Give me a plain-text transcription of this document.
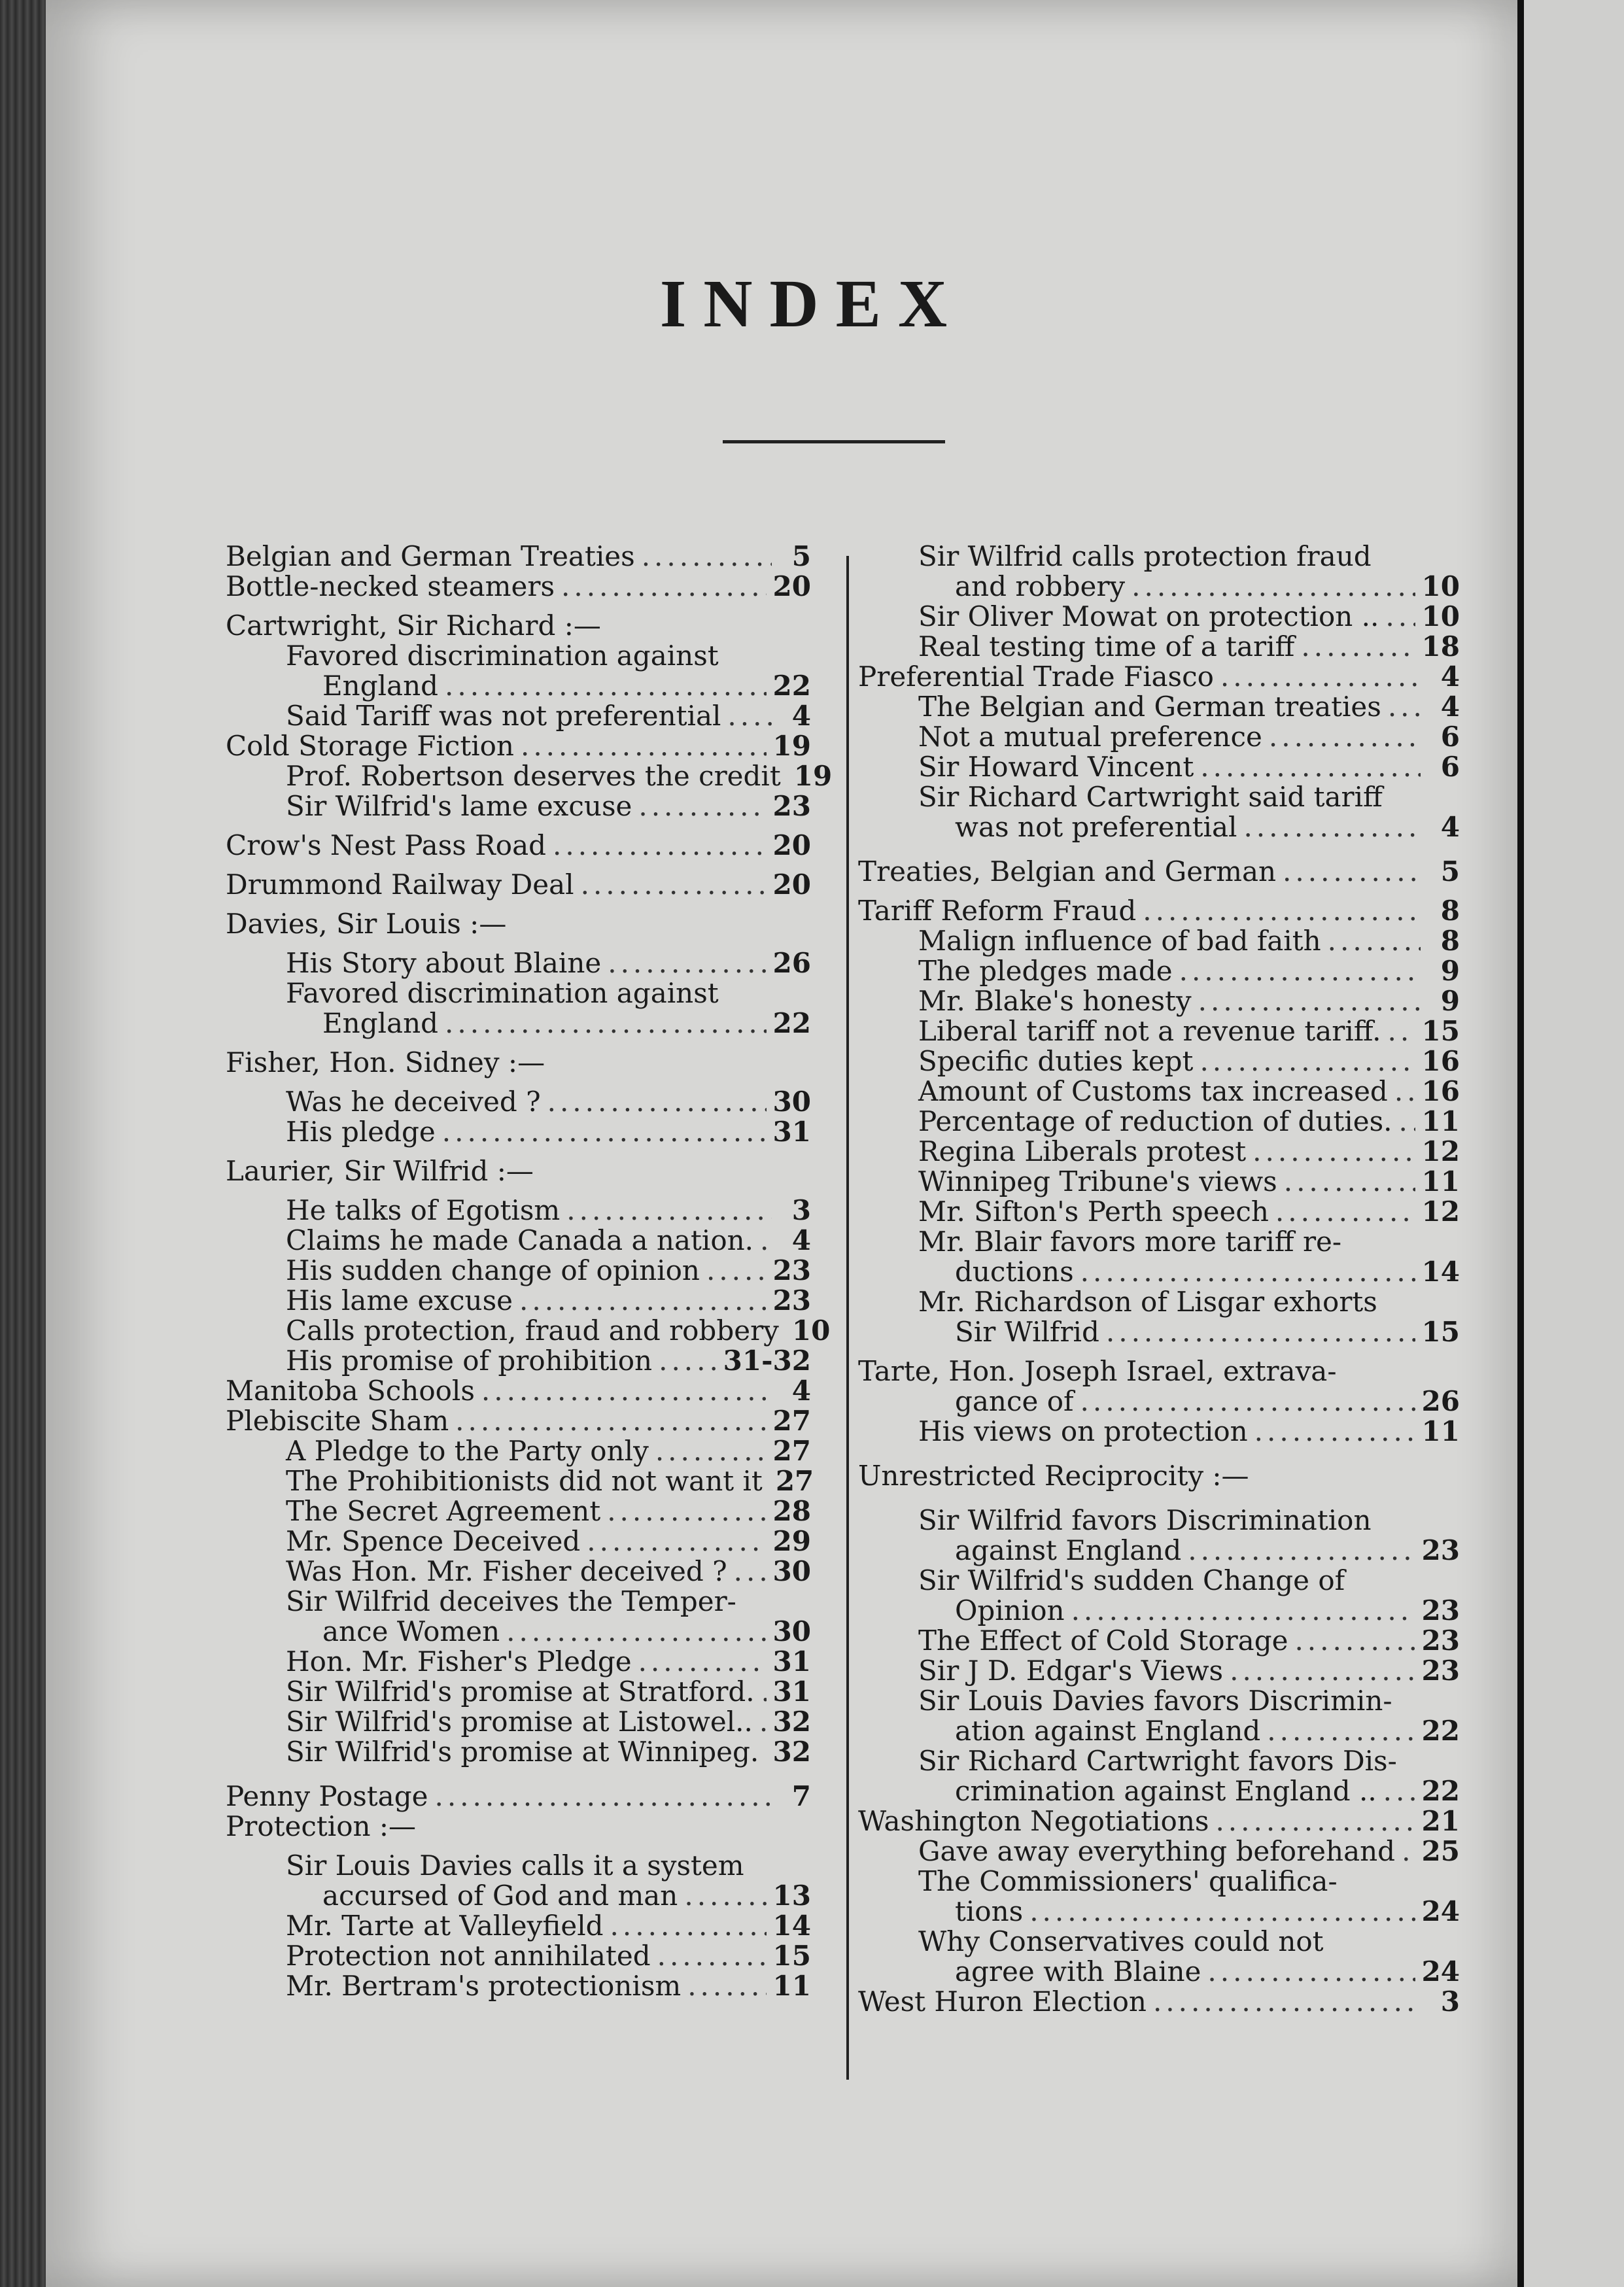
INDEX
Belgian and German Treaties .....	5
Bottle-necked steamers .....	20
Cartwright, Sir Richard :—
Favored discrimination against
England .....	22
Said Tariff was not preferential .....	4
Cold Storage Fiction .....	19
Prof. Robertson deserves the credit 19
Sir Wilfrid's lame excuse .....	23
Crow's Nest Pass Road .....	20
Drummond Railway Deal .....	20
Davies, Sir Louis :—
His Story about Blaine .....	26
Favored discrimination against
England .....	22
Fisher, Hon. Sidney :—
Was he deceived ? .....	30
His pledge .....	31
Laurier, Sir Wilfrid :—
He talks of Egotism .....	3
Claims he made Canada a nation. .....	4
His sudden change of opinion .....	23
His lame excuse .....	23
Calls protection, fraud and robbery 10
His promise of prohibition .....	31-32
Manitoba Schools .....	4
Plebiscite Sham .....	27
A Pledge to the Party only .....	27
The Prohibitionists did not want it 27
The Secret Agreement .....	28
Mr. Spence Deceived .....	29
Was Hon. Mr. Fisher deceived ? ..... 30
Sir Wilfrid deceives the Temper-
ance Women .....	30
Hon. Mr. Fisher's Pledge .....	31
Sir Wilfrid's promise at Stratford. ..... 31
Sir Wilfrid's promise at Listowel.. ..... 32
Sir Wilfrid's promise at Winnipeg. ..... 32
Penny Postage .....	7
Protection :—
Sir Louis Davies calls it a system
accursed of God and man .....	13
Mr. Tarte at Valleyfield .....	14
Protection not annihilated .....	15
Mr. Bertram's protectionism .....	11
Sir Wilfrid calls protection fraud
and robbery .....	10
Sir Oliver Mowat on protection .. ..... 10
Real testing time of a tariff .....	18
Preferential Trade Fiasco .....	4
The Belgian and German treaties .....	4
Not a mutual preference .....	6
Sir Howard Vincent .....	6
Sir Richard Cartwright said tariff
was not preferential .....	4
Treaties, Belgian and German .....	5
Tariff Reform Fraud .....	8
Malign influence of bad faith .....	8
The pledges made .....	9
Mr. Blake's honesty .....	9
Liberal tariff not a revenue tariff. ..... 15
Specific duties kept .....	16
Amount of Customs tax increased ..... 16
Percentage of reduction of duties. ..... 11
Regina Liberals protest .....	12
Winnipeg Tribune's views .....	11
Mr. Sifton's Perth speech .....	12
Mr. Blair favors more tariff re-
ductions .....	14
Mr. Richardson of Lisgar exhorts
Sir Wilfrid .....	15
Tarte, Hon. Joseph Israel, extrava-
gance of .....	26
His views on protection .....	11
Unrestricted Reciprocity :—
Sir Wilfrid favors Discrimination
against England .....	23
Sir Wilfrid's sudden Change of
Opinion .....	23
The Effect of Cold Storage .....	23
Sir J D. Edgar's Views .....	23
Sir Louis Davies favors Discrimin-
ation against England .....	22
Sir Richard Cartwright favors Dis-
crimination against England .. ..... 22
Washington Negotiations .....	21
Gave away everything beforehand ..... 25
The Commissioners' qualifica-
tions .....	24
Why Conservatives could not
agree with Blaine .....	24
West Huron Election .....	3
